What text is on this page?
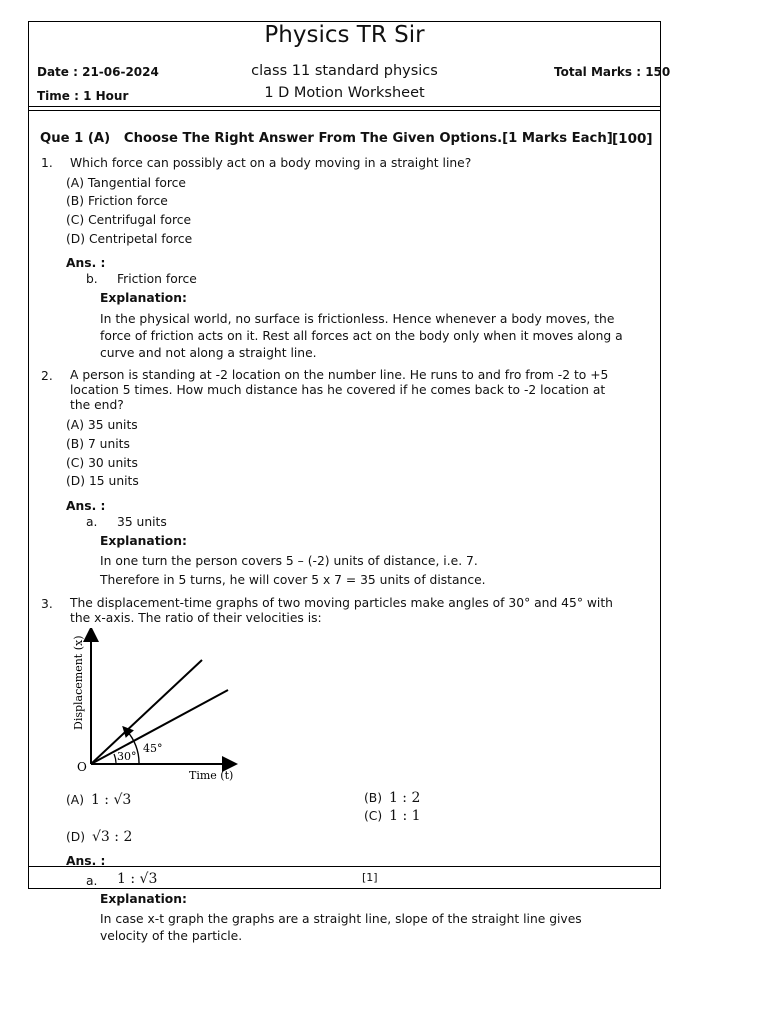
Physics TR Sir
Date : 21-06-2024
Time : 1 Hour
class 11 standard physics
1 D Motion Worksheet
Total Marks : 150
Que 1 (A)   Choose The Right Answer From The Given Options.[1 Marks Each] [100]
1. Which force can possibly act on a body moving in a straight line?
(A) Tangential force
(B) Friction force
(C) Centrifugal force
(D) Centripetal force
Ans. :
b. Friction force
Explanation:
In the physical world, no surface is frictionless. Hence whenever a body moves, the force of friction acts on it. Rest all forces act on the body only when it moves along a curve and not along a straight line.
2. A person is standing at -2 location on the number line. He runs to and fro from -2 to +5 location 5 times. How much distance has he covered if he comes back to -2 location at the end?
(A) 35 units
(B) 7 units
(C) 30 units
(D) 15 units
Ans. :
a. 35 units
Explanation:
In one turn the person covers 5 – (-2) units of distance, i.e. 7.
Therefore in 5 turns, he will cover 5 x 7 = 35 units of distance.
3. The displacement-time graphs of two moving particles make angles of 30° and 45° with the x-axis. The ratio of their velocities is:
Displacement (x)
Time (t)
O
30°
45°
(A) 1 : √3	(B) 1 : 2
(C) 1 : 1
(D) √3 : 2
Ans. :
[1]
a. 1 : √3
Explanation:
In case x-t graph the graphs are a straight line, slope of the straight line gives velocity of the particle.
